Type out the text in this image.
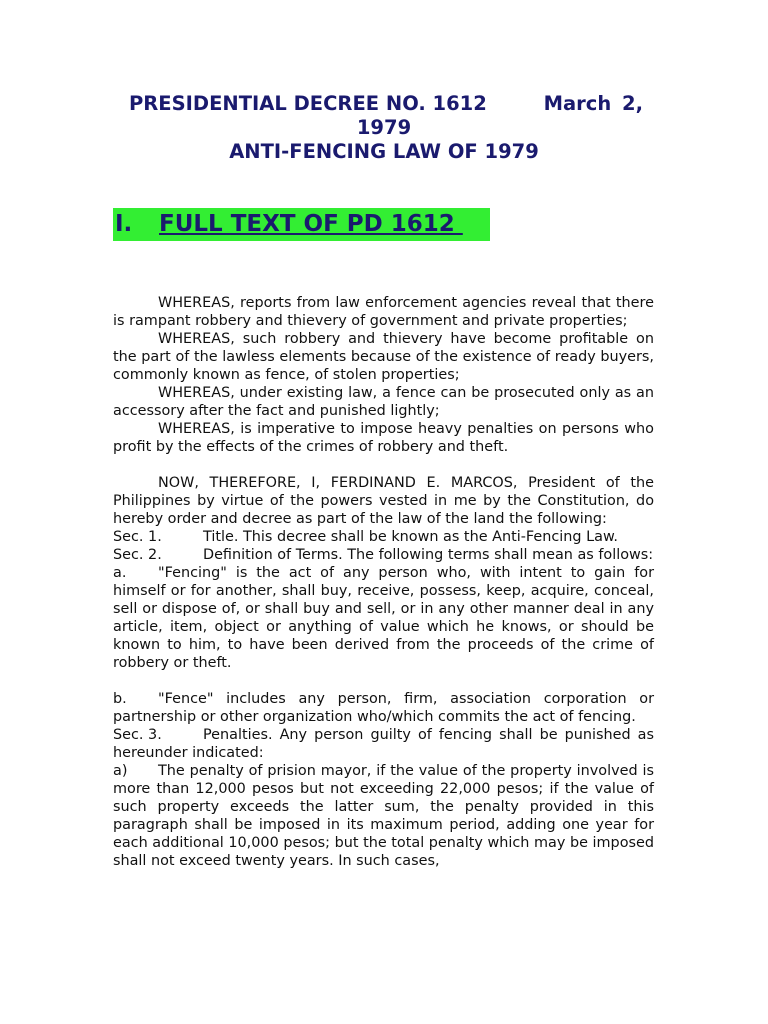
PRESIDENTIAL DECREE NO. 1612	March 2,
1979
ANTI-FENCING LAW OF 1979
I. FULL TEXT OF PD 1612

WHEREAS, reports from law enforcement agencies reveal that there is rampant robbery and thievery of government and private properties;

WHEREAS, such robbery and thievery have become profitable on the part of the lawless elements because of the existence of ready buyers, commonly known as fence, of stolen properties;

WHEREAS, under existing law, a fence can be prosecuted only as an accessory after the fact and punished lightly;

WHEREAS, is imperative to impose heavy penalties on persons who profit by the effects of the crimes of robbery and theft.

NOW, THEREFORE, I, FERDINAND E. MARCOS, President of the Philippines by virtue of the powers vested in me by the Constitution, do hereby order and decree as part of the law of the land the following:

Sec. 1.	Title. This decree shall be known as the Anti-Fencing Law.

Sec. 2.	Definition of Terms. The following terms shall mean as follows:

a. "Fencing" is the act of any person who, with intent to gain for himself or for another, shall buy, receive, possess, keep, acquire, conceal, sell or dispose of, or shall buy and sell, or in any other manner deal in any article, item, object or anything of value which he knows, or should be known to him, to have been derived from the proceeds of the crime of robbery or theft.

b. "Fence" includes any person, firm, association corporation or partnership or other organization who/which commits the act of fencing.

Sec. 3.	Penalties. Any person guilty of fencing shall be punished as hereunder indicated:

a) The penalty of prision mayor, if the value of the property involved is more than 12,000 pesos but not exceeding 22,000 pesos; if the value of such property exceeds the latter sum, the penalty provided in this paragraph shall be imposed in its maximum period, adding one year for each additional 10,000 pesos; but the total penalty which may be imposed shall not exceed twenty years. In such cases,
